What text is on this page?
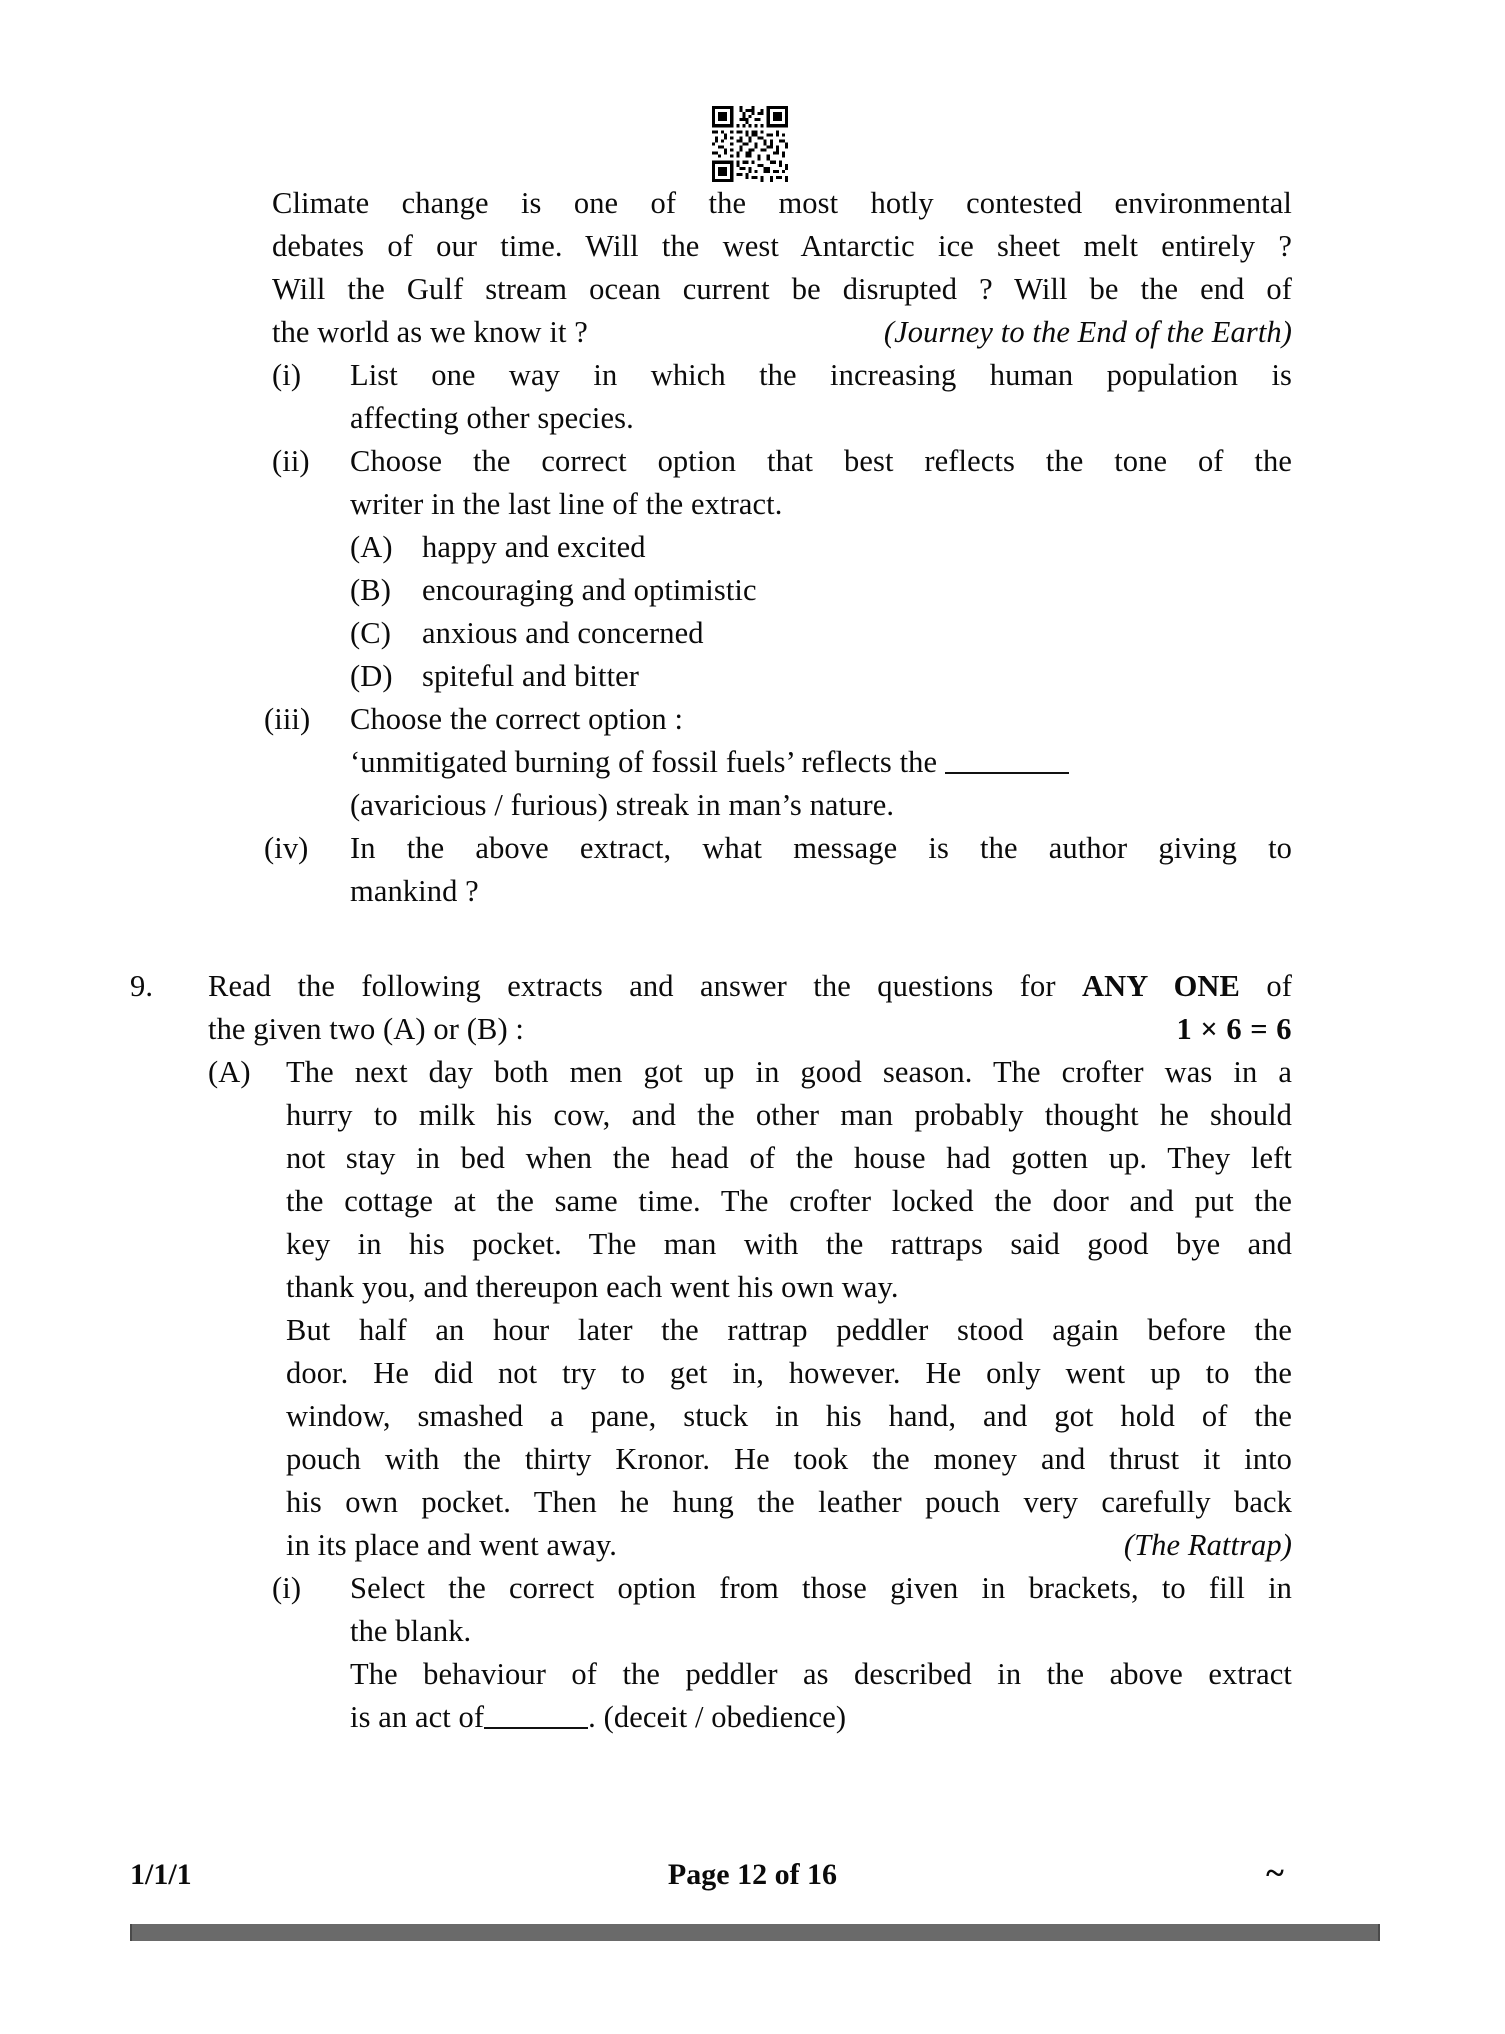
Climate change is one of the most hotly contested environmental
debates of our time. Will the west Antarctic ice sheet melt entirely ?
Will the Gulf stream ocean current be disrupted ? Will be the end of
the world as we know it ?	(Journey to the End of the Earth)
(i)	List one way in which the increasing human population is
affecting other species.
(ii)	Choose the correct option that best reflects the tone of the
writer in the last line of the extract.
(A) happy and excited
(B) encouraging and optimistic
(C) anxious and concerned
(D) spiteful and bitter
(iii)	Choose the correct option :
‘unmitigated burning of fossil fuels’ reflects the
(avaricious / furious) streak in man’s nature.
(iv)	In the above extract, what message is the author giving to
mankind ?
9.	Read the following extracts and answer the questions for ANY ONE of
the given two (A) or (B) :	1 × 6 = 6
(A)	The next day both men got up in good season. The crofter was in a
hurry to milk his cow, and the other man probably thought he should
not stay in bed when the head of the house had gotten up. They left
the cottage at the same time. The crofter locked the door and put the
key in his pocket. The man with the rattraps said good bye and
thank you, and thereupon each went his own way.
But half an hour later the rattrap peddler stood again before the
door. He did not try to get in, however. He only went up to the
window, smashed a pane, stuck in his hand, and got hold of the
pouch with the thirty Kronor. He took the money and thrust it into
his own pocket. Then he hung the leather pouch very carefully back
in its place and went away.	(The Rattrap)
(i)	Select the correct option from those given in brackets, to fill in
the blank.
The behaviour of the peddler as described in the above extract
is an act of	. (deceit / obedience)
1/1/1	Page 12 of 16	~
